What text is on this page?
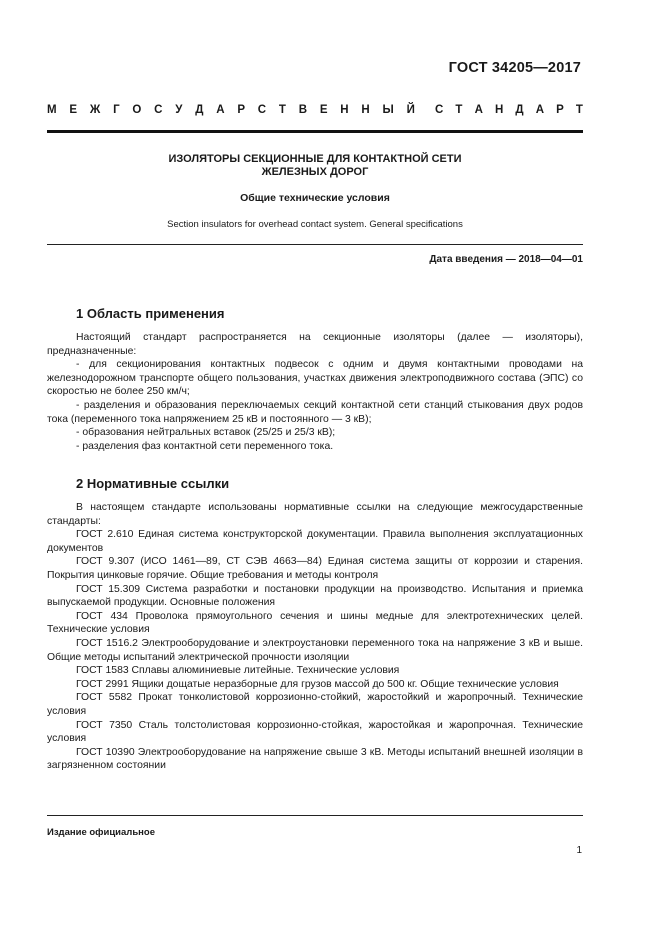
ГОСТ 34205—2017
М Е Ж Г О С У Д А Р С Т В Е Н Н Ы Й С Т А Н Д А Р Т
ИЗОЛЯТОРЫ СЕКЦИОННЫЕ ДЛЯ КОНТАКТНОЙ СЕТИ
ЖЕЛЕЗНЫХ ДОРОГ
Общие технические условия
Section insulators for overhead contact system. General specifications
Дата введения — 2018—04—01
1 Область применения
Настоящий стандарт распространяется на секционные изоляторы (далее — изоляторы), предназначенные:
- для секционирования контактных подвесок с одним и двумя контактными проводами на железнодорожном транспорте общего пользования, участках движения электроподвижного состава (ЭПС) со скоростью не более 250 км/ч;
- разделения и образования переключаемых секций контактной сети станций стыкования двух родов тока (переменного тока напряжением 25 кВ и постоянного — 3 кВ);
- образования нейтральных вставок (25/25 и 25/3 кВ);
- разделения фаз контактной сети переменного тока.
2 Нормативные ссылки
В настоящем стандарте использованы нормативные ссылки на следующие межгосударственные стандарты:
ГОСТ 2.610 Единая система конструкторской документации. Правила выполнения эксплуатационных документов
ГОСТ 9.307 (ИСО 1461—89, СТ СЭВ 4663—84) Единая система защиты от коррозии и старения. Покрытия цинковые горячие. Общие требования и методы контроля
ГОСТ 15.309 Система разработки и постановки продукции на производство. Испытания и приемка выпускаемой продукции. Основные положения
ГОСТ 434 Проволока прямоугольного сечения и шины медные для электротехнических целей. Технические условия
ГОСТ 1516.2 Электрооборудование и электроустановки переменного тока на напряжение 3 кВ и выше. Общие методы испытаний электрической прочности изоляции
ГОСТ 1583 Сплавы алюминиевые литейные. Технические условия
ГОСТ 2991 Ящики дощатые неразборные для грузов массой до 500 кг. Общие технические условия
ГОСТ 5582 Прокат тонколистовой коррозионно-стойкий, жаростойкий и жаропрочный. Технические условия
ГОСТ 7350 Сталь толстолистовая коррозионно-стойкая, жаростойкая и жаропрочная. Технические условия
ГОСТ 10390 Электрооборудование на напряжение свыше 3 кВ. Методы испытаний внешней изоляции в загрязненном состоянии
Издание официальное
1
